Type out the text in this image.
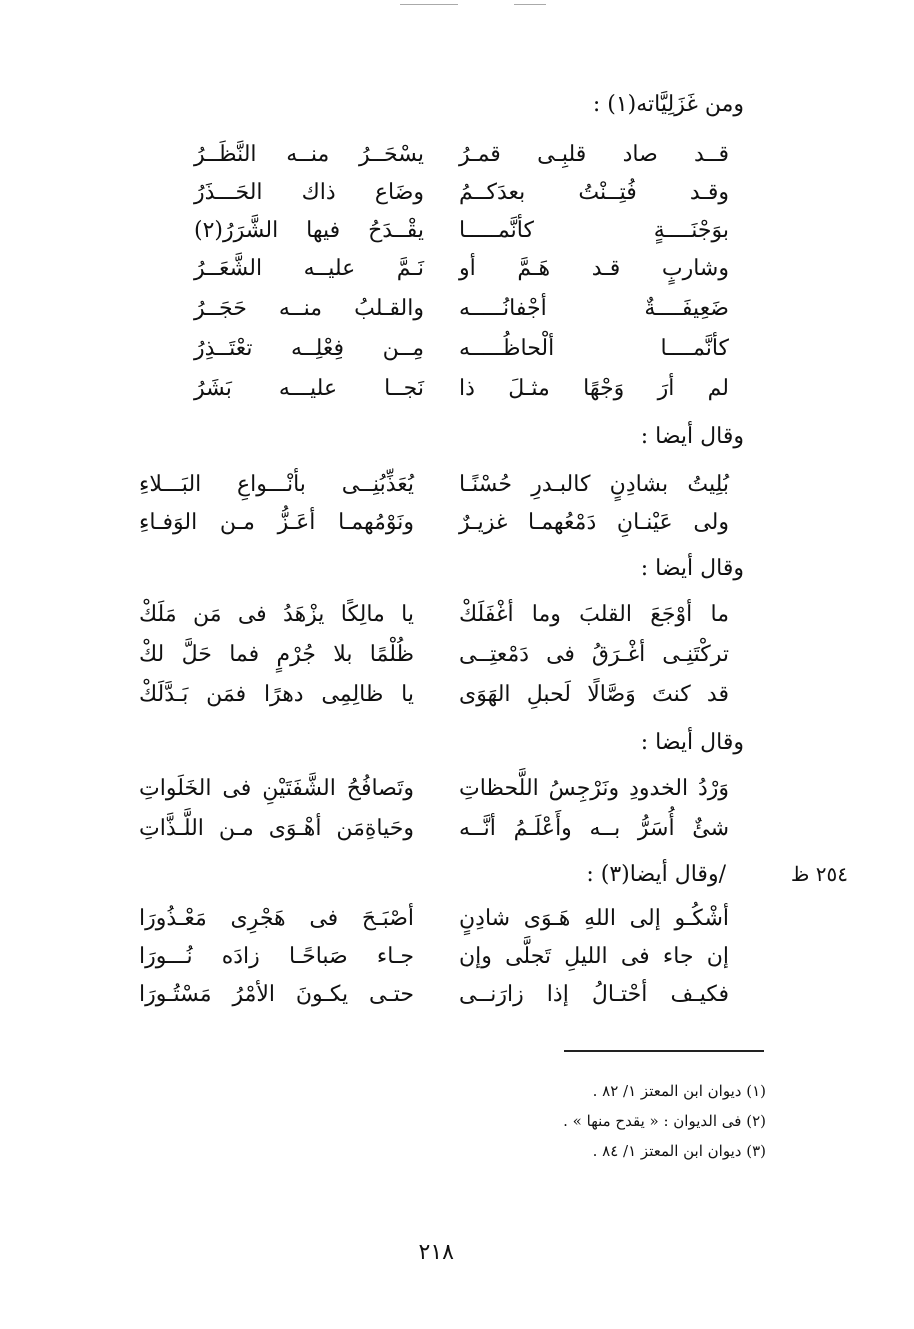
ومن غَزَلِيَّاته(١) :
قــد صاد قلبِـى قمـرُ
يسْحَــرُ منــه النَّظَــرُ
وقـد فُتِــنْتُ بعدَكــمُ
وضَاع ذاك الحَـــذَرُ
بوَجْنَــــةٍ كأنَّمـــــا
يقْــدَحُ فيها الشَّرَرُ(٢)
وشاربٍ قـد هَـمَّ أو
نَـمَّ عليــه الشَّعَــرُ
ضَعِيفَــــةٌ أجْفانُـــــه
والقـلبُ منــه حَجَــرُ
كأنَّمــــا ألْحاظُـــــه
مِــن فِعْلِــه تعْتَــذِرُ
لم أرَ وَجْهًا مثـلَ ذا
نَجــا عليـــه بَشَرُ
وقال أيضا :
بُلِيتُ بشادِنٍ كالبـدرِ حُسْنًـا
يُعَذِّبُنِــى بأنْـــواعِ البَـــلاءِ
ولى عَيْنـانِ دَمْعُهمـا غزيـرٌ
ونَوْمُهمـا أعَـزُّ مـن الوَفـاءِ
وقال أيضا :
ما أوْجَعَ القلبَ وما أغْفَلَكْ
يا مالِكًا يزْهَدُ فى مَن مَلَكْ
تركْتَنِـى أغْـرَقُ فى دَمْعتِــى
ظُلْمًا بلا جُرْمٍ فما حَلَّ لكْ
قد كنتَ وَصَّالًا لَحبلِ الهَوَى
يا ظالِمِى دهرًا فمَن بَـدَّلَكْ
وقال أيضا :
وَرْدُ الخدودِ ونَرْجِسُ اللَّحظاتِ
وتَصافُحُ الشَّفَتَيْنِ فى الخَلَواتِ
شئٌ أُسَرُّ بــه وأَعْلَـمُ أنَّــه
وحَياةِمَن أهْـوَى مـن اللَّـذَّاتِ
٢٥٤ ظ
/وقال أيضا(٣) :
أشْكُـو إلى اللهِ هَـوَى شادِنٍ
أصْبَـحَ فى هَجْرِى مَعْـذُورَا
إن جاء فى الليلِ تَجلَّى وإن
جـاء صَباحًـا زادَه نُـــورَا
فكيـف أحْتـالُ إذا زارَنــى
حتـى يكـونَ الأمْرُ مَسْتُـورَا
(١) ديوان ابن المعتز ١/ ٨٢ .
(٢) فى الديوان : « يقدح منها » .
(٣) ديوان ابن المعتز ١/ ٨٤ .
٢١٨
